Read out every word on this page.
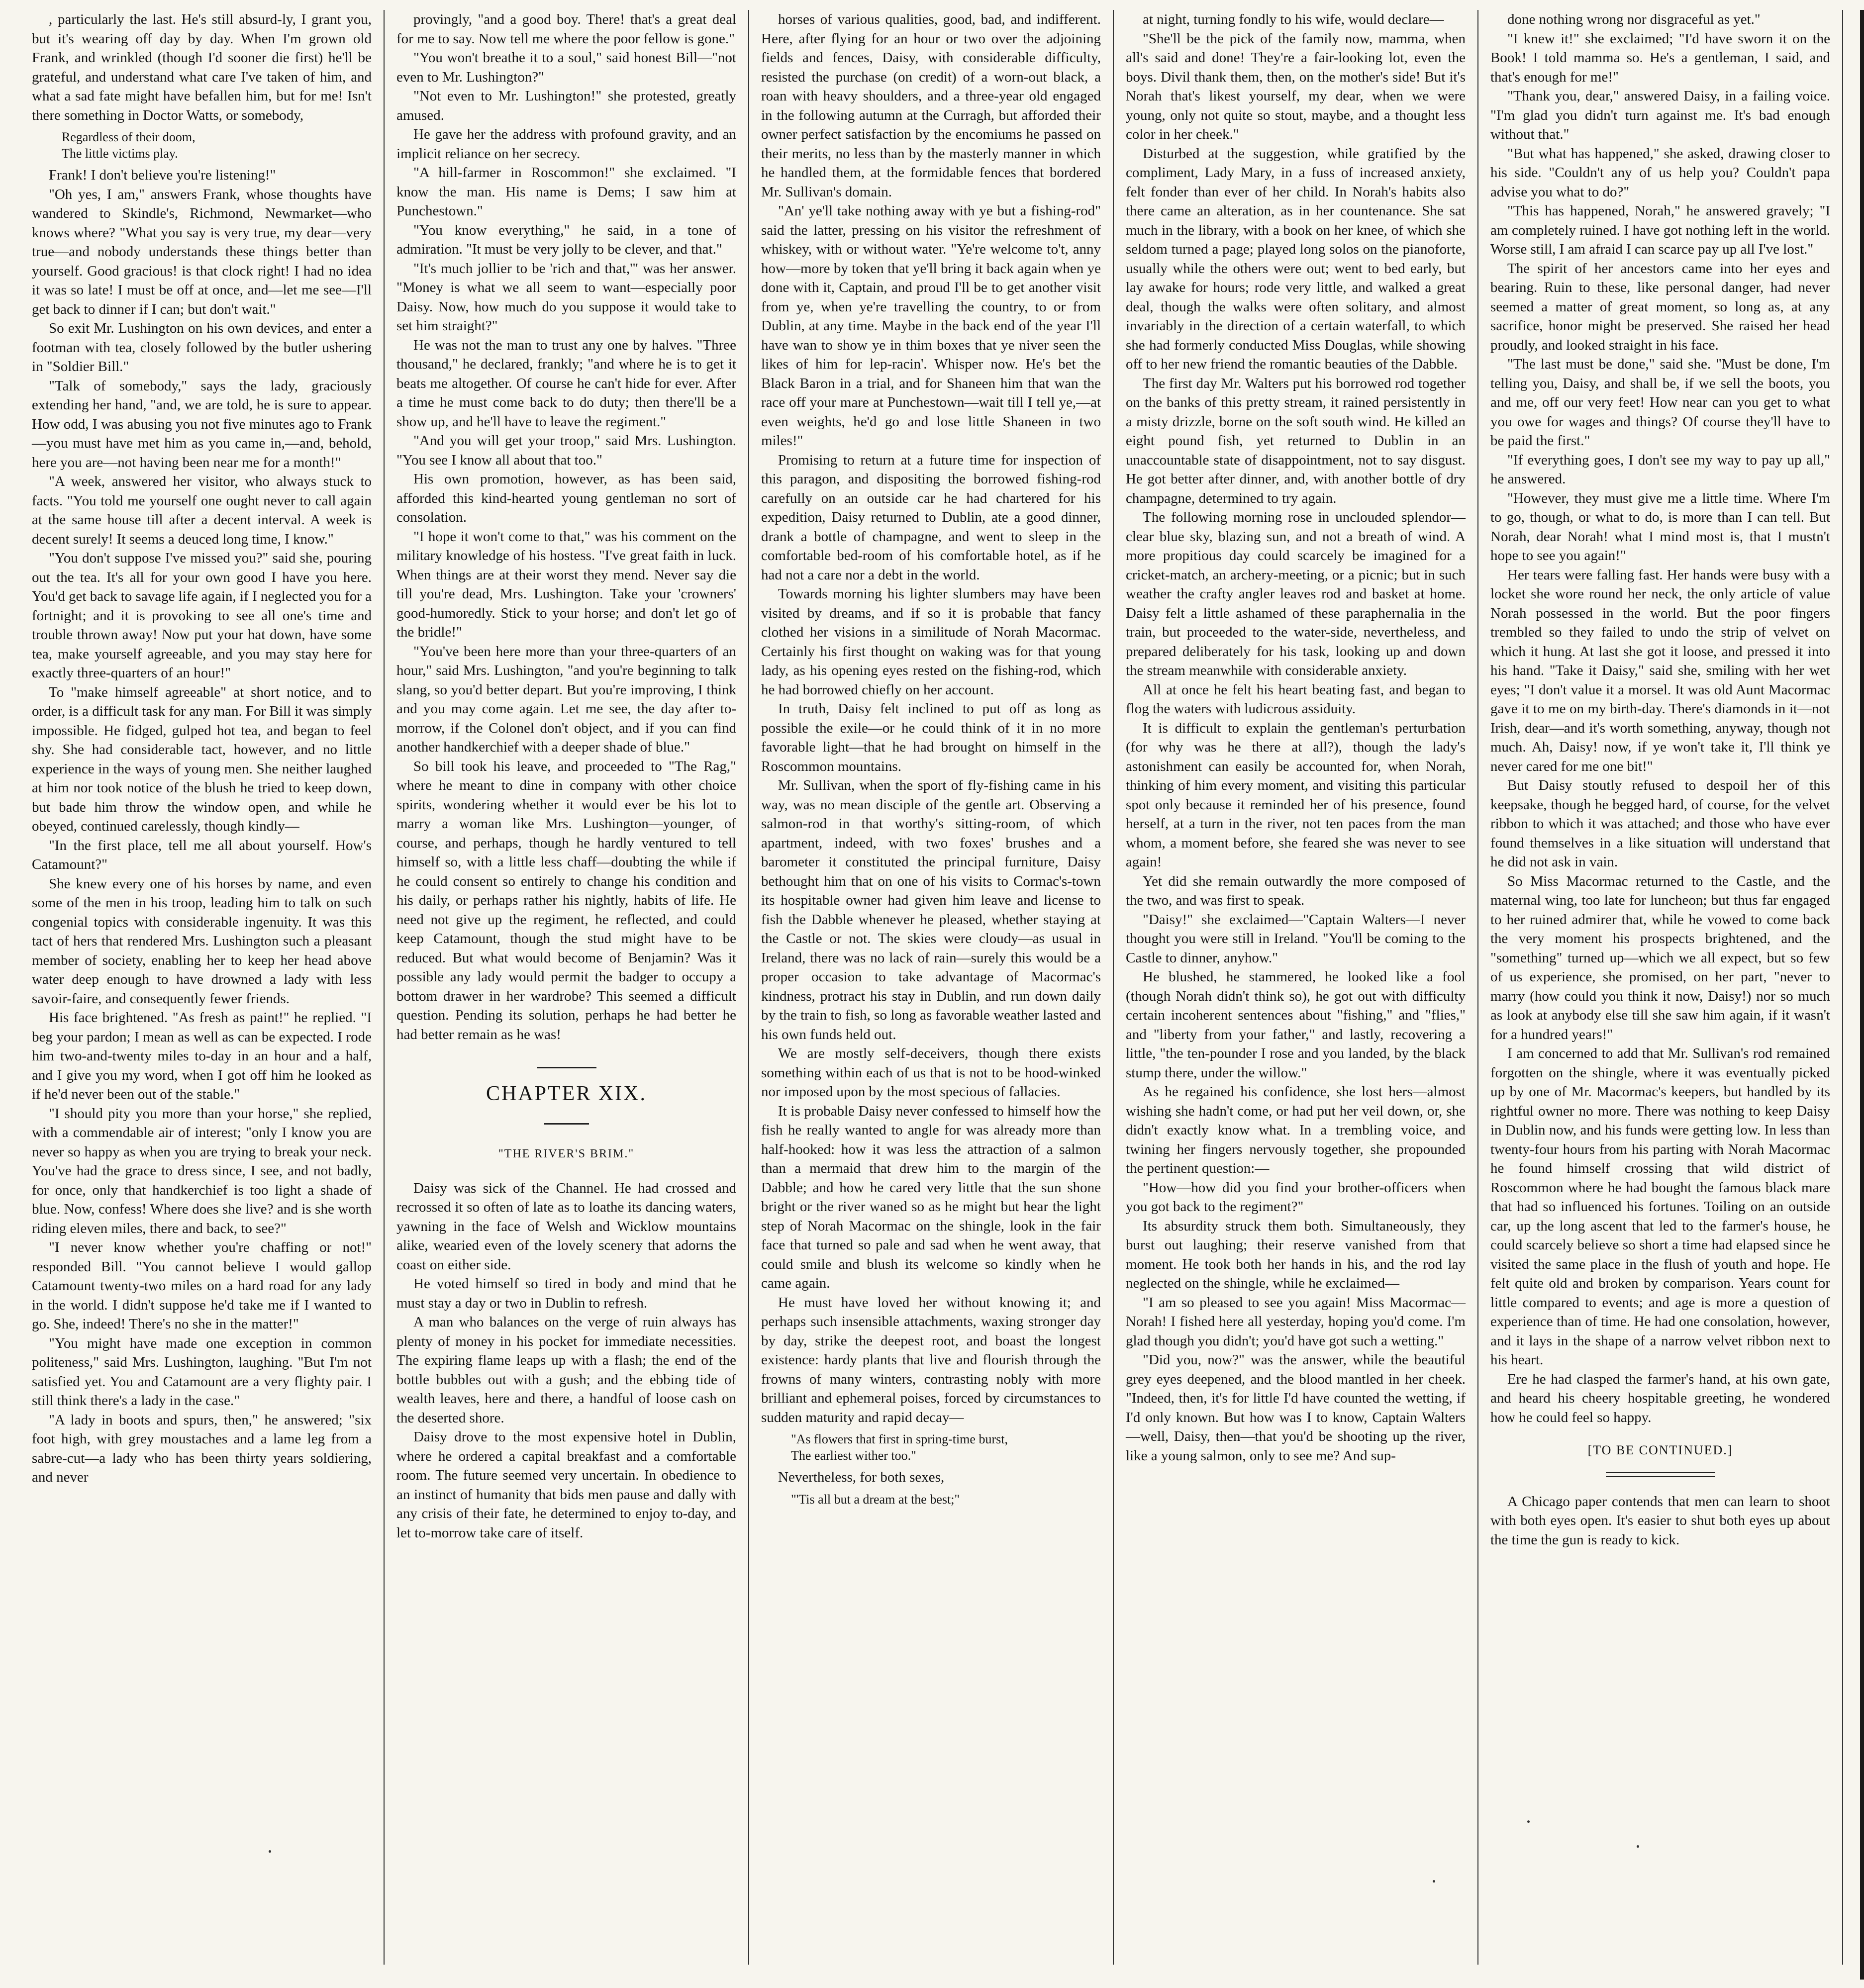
, particularly the last. He's still absurd-ly, I grant you, but it's wearing off day by day. When I'm grown old Frank, and wrinkled (though I'd sooner die first) he'll be grateful, and understand what care I've taken of him, and what a sad fate might have befallen him, but for me! Isn't there something in Doctor Watts, or somebody,

Regardless of their doom,
The little victims play.

Frank! I don't believe you're listening!"

"Oh yes, I am," answers Frank, whose thoughts have wandered to Skindle's, Richmond, Newmarket—who knows where? "What you say is very true, my dear—very true—and nobody understands these things better than yourself. Good gracious! is that clock right! I had no idea it was so late! I must be off at once, and—let me see—I'll get back to dinner if I can; but don't wait."

So exit Mr. Lushington on his own devices, and enter a footman with tea, closely followed by the butler ushering in "Soldier Bill."

"Talk of somebody," says the lady, graciously extending her hand, "and, we are told, he is sure to appear. How odd, I was abusing you not five minutes ago to Frank—you must have met him as you came in,—and, behold, here you are—not having been near me for a month!"

"A week, answered her visitor, who always stuck to facts. "You told me yourself one ought never to call again at the same house till after a decent interval. A week is decent surely! It seems a deuced long time, I know."

"You don't suppose I've missed you?" said she, pouring out the tea. It's all for your own good I have you here. You'd get back to savage life again, if I neglected you for a fortnight; and it is provoking to see all one's time and trouble thrown away! Now put your hat down, have some tea, make yourself agreeable, and you may stay here for exactly three-quarters of an hour!"

To "make himself agreeable" at short notice, and to order, is a difficult task for any man. For Bill it was simply impossible. He fidged, gulped hot tea, and began to feel shy. She had considerable tact, however, and no little experience in the ways of young men. She neither laughed at him nor took notice of the blush he tried to keep down, but bade him throw the window open, and while he obeyed, continued carelessly, though kindly—

"In the first place, tell me all about yourself. How's Catamount?"

She knew every one of his horses by name, and even some of the men in his troop, leading him to talk on such congenial topics with considerable ingenuity. It was this tact of hers that rendered Mrs. Lushington such a pleasant member of society, enabling her to keep her head above water deep enough to have drowned a lady with less savoir-faire, and consequently fewer friends.

His face brightened. "As fresh as paint!" he replied. "I beg your pardon; I mean as well as can be expected. I rode him two-and-twenty miles to-day in an hour and a half, and I give you my word, when I got off him he looked as if he'd never been out of the stable."

"I should pity you more than your horse," she replied, with a commendable air of interest; "only I know you are never so happy as when you are trying to break your neck. You've had the grace to dress since, I see, and not badly, for once, only that handkerchief is too light a shade of blue. Now, confess! Where does she live? and is she worth riding eleven miles, there and back, to see?"

"I never know whether you're chaffing or not!" responded Bill. "You cannot believe I would gallop Catamount twenty-two miles on a hard road for any lady in the world. I didn't suppose he'd take me if I wanted to go. She, indeed! There's no she in the matter!"

"You might have made one exception in common politeness," said Mrs. Lushington, laughing. "But I'm not satisfied yet. You and Catamount are a very flighty pair. I still think there's a lady in the case."

"A lady in boots and spurs, then," he answered; "six foot high, with grey moustaches and a lame leg from a sabre-cut—a lady who has been thirty years soldiering, and never

provingly, "and a good boy. There! that's a great deal for me to say. Now tell me where the poor fellow is gone."

"You won't breathe it to a soul," said honest Bill—"not even to Mr. Lushington?"

"Not even to Mr. Lushington!" she protested, greatly amused.

He gave her the address with profound gravity, and an implicit reliance on her secrecy.

"A hill-farmer in Roscommon!" she exclaimed. "I know the man. His name is Dems; I saw him at Punchestown."

"You know everything," he said, in a tone of admiration. "It must be very jolly to be clever, and that."

"It's much jollier to be 'rich and that,'" was her answer. "Money is what we all seem to want—especially poor Daisy. Now, how much do you suppose it would take to set him straight?"

He was not the man to trust any one by halves. "Three thousand," he declared, frankly; "and where he is to get it beats me altogether. Of course he can't hide for ever. After a time he must come back to do duty; then there'll be a show up, and he'll have to leave the regiment."

"And you will get your troop," said Mrs. Lushington. "You see I know all about that too."

His own promotion, however, as has been said, afforded this kind-hearted young gentleman no sort of consolation.

"I hope it won't come to that," was his comment on the military knowledge of his hostess. "I've great faith in luck. When things are at their worst they mend. Never say die till you're dead, Mrs. Lushington. Take your 'crowners' good-humoredly. Stick to your horse; and don't let go of the bridle!"

"You've been here more than your three-quarters of an hour," said Mrs. Lushington, "and you're beginning to talk slang, so you'd better depart. But you're improving, I think and you may come again. Let me see, the day after to-morrow, if the Colonel don't object, and if you can find another handkerchief with a deeper shade of blue."

So bill took his leave, and proceeded to "The Rag," where he meant to dine in company with other choice spirits, wondering whether it would ever be his lot to marry a woman like Mrs. Lushington—younger, of course, and perhaps, though he hardly ventured to tell himself so, with a little less chaff—doubting the while if he could consent so entirely to change his condition and his daily, or perhaps rather his nightly, habits of life. He need not give up the regiment, he reflected, and could keep Catamount, though the stud might have to be reduced. But what would become of Benjamin? Was it possible any lady would permit the badger to occupy a bottom drawer in her wardrobe? This seemed a difficult question. Pending its solution, perhaps he had better he had better remain as he was!

CHAPTER XIX.
"THE RIVER'S BRIM."

Daisy was sick of the Channel. He had crossed and recrossed it so often of late as to loathe its dancing waters, yawning in the face of Welsh and Wicklow mountains alike, wearied even of the lovely scenery that adorns the coast on either side.

He voted himself so tired in body and mind that he must stay a day or two in Dublin to refresh.

A man who balances on the verge of ruin always has plenty of money in his pocket for immediate necessities. The expiring flame leaps up with a flash; the end of the bottle bubbles out with a gush; and the ebbing tide of wealth leaves, here and there, a handful of loose cash on the deserted shore.

Daisy drove to the most expensive hotel in Dublin, where he ordered a capital breakfast and a comfortable room. The future seemed very uncertain. In obedience to an instinct of humanity that bids men pause and dally with any crisis of their fate, he determined to enjoy to-day, and let to-morrow take care of itself.

horses of various qualities, good, bad, and indifferent. Here, after flying for an hour or two over the adjoining fields and fences, Daisy, with considerable difficulty, resisted the purchase (on credit) of a worn-out black, a roan with heavy shoulders, and a three-year old engaged in the following autumn at the Curragh, but afforded their owner perfect satisfaction by the encomiums he passed on their merits, no less than by the masterly manner in which he handled them, at the formidable fences that bordered Mr. Sullivan's domain.

"An' ye'll take nothing away with ye but a fishing-rod" said the latter, pressing on his visitor the refreshment of whiskey, with or without water. "Ye're welcome to't, anny how—more by token that ye'll bring it back again when ye done with it, Captain, and proud I'll be to get another visit from ye, when ye're travelling the country, to or from Dublin, at any time. Maybe in the back end of the year I'll have wan to show ye in thim boxes that ye niver seen the likes of him for lep-racin'. Whisper now. He's bet the Black Baron in a trial, and for Shaneen him that wan the race off your mare at Punchestown—wait till I tell ye,—at even weights, he'd go and lose little Shaneen in two miles!"

Promising to return at a future time for inspection of this paragon, and dispositing the borrowed fishing-rod carefully on an outside car he had chartered for his expedition, Daisy returned to Dublin, ate a good dinner, drank a bottle of champagne, and went to sleep in the comfortable bed-room of his comfortable hotel, as if he had not a care nor a debt in the world.

Towards morning his lighter slumbers may have been visited by dreams, and if so it is probable that fancy clothed her visions in a similitude of Norah Macormac. Certainly his first thought on waking was for that young lady, as his opening eyes rested on the fishing-rod, which he had borrowed chiefly on her account.

In truth, Daisy felt inclined to put off as long as possible the exile—or he could think of it in no more favorable light—that he had brought on himself in the Roscommon mountains.

Mr. Sullivan, when the sport of fly-fishing came in his way, was no mean disciple of the gentle art. Observing a salmon-rod in that worthy's sitting-room, of which apartment, indeed, with two foxes' brushes and a barometer it constituted the principal furniture, Daisy bethought him that on one of his visits to Cormac's-town its hospitable owner had given him leave and license to fish the Dabble whenever he pleased, whether staying at the Castle or not. The skies were cloudy—as usual in Ireland, there was no lack of rain—surely this would be a proper occasion to take advantage of Macormac's kindness, protract his stay in Dublin, and run down daily by the train to fish, so long as favorable weather lasted and his own funds held out.

We are mostly self-deceivers, though there exists something within each of us that is not to be hood-winked nor imposed upon by the most specious of fallacies.

It is probable Daisy never confessed to himself how the fish he really wanted to angle for was already more than half-hooked: how it was less the attraction of a salmon than a mermaid that drew him to the margin of the Dabble; and how he cared very little that the sun shone bright or the river waned so as he might but hear the light step of Norah Macormac on the shingle, look in the fair face that turned so pale and sad when he went away, that could smile and blush its welcome so kindly when he came again.

He must have loved her without knowing it; and perhaps such insensible attachments, waxing stronger day by day, strike the deepest root, and boast the longest existence: hardy plants that live and flourish through the frowns of many winters, contrasting nobly with more brilliant and ephemeral poises, forced by circumstances to sudden maturity and rapid decay—

"As flowers that first in spring-time burst,
The earliest wither too."

Nevertheless, for both sexes,

"'Tis all but a dream at the best;"

at night, turning fondly to his wife, would declare—

"She'll be the pick of the family now, mamma, when all's said and done! They're a fair-looking lot, even the boys. Divil thank them, then, on the mother's side! But it's Norah that's likest yourself, my dear, when we were young, only not quite so stout, maybe, and a thought less color in her cheek."

Disturbed at the suggestion, while gratified by the compliment, Lady Mary, in a fuss of increased anxiety, felt fonder than ever of her child. In Norah's habits also there came an alteration, as in her countenance. She sat much in the library, with a book on her knee, of which she seldom turned a page; played long solos on the pianoforte, usually while the others were out; went to bed early, but lay awake for hours; rode very little, and walked a great deal, though the walks were often solitary, and almost invariably in the direction of a certain waterfall, to which she had formerly conducted Miss Douglas, while showing off to her new friend the romantic beauties of the Dabble.

The first day Mr. Walters put his borrowed rod together on the banks of this pretty stream, it rained persistently in a misty drizzle, borne on the soft south wind. He killed an eight pound fish, yet returned to Dublin in an unaccountable state of disappointment, not to say disgust. He got better after dinner, and, with another bottle of dry champagne, determined to try again.

The following morning rose in unclouded splendor—clear blue sky, blazing sun, and not a breath of wind. A more propitious day could scarcely be imagined for a cricket-match, an archery-meeting, or a picnic; but in such weather the crafty angler leaves rod and basket at home. Daisy felt a little ashamed of these paraphernalia in the train, but proceeded to the water-side, nevertheless, and prepared deliberately for his task, looking up and down the stream meanwhile with considerable anxiety.

All at once he felt his heart beating fast, and began to flog the waters with ludicrous assiduity.

It is difficult to explain the gentleman's perturbation (for why was he there at all?), though the lady's astonishment can easily be accounted for, when Norah, thinking of him every moment, and visiting this particular spot only because it reminded her of his presence, found herself, at a turn in the river, not ten paces from the man whom, a moment before, she feared she was never to see again!

Yet did she remain outwardly the more composed of the two, and was first to speak.

"Daisy!" she exclaimed—"Captain Walters—I never thought you were still in Ireland. "You'll be coming to the Castle to dinner, anyhow."

He blushed, he stammered, he looked like a fool (though Norah didn't think so), he got out with difficulty certain incoherent sentences about "fishing," and "flies," and "liberty from your father," and lastly, recovering a little, "the ten-pounder I rose and you landed, by the black stump there, under the willow."

As he regained his confidence, she lost hers—almost wishing she hadn't come, or had put her veil down, or, she didn't exactly know what. In a trembling voice, and twining her fingers nervously together, she propounded the pertinent question:—

"How—how did you find your brother-officers when you got back to the regiment?"

Its absurdity struck them both. Simultaneously, they burst out laughing; their reserve vanished from that moment. He took both her hands in his, and the rod lay neglected on the shingle, while he exclaimed—

"I am so pleased to see you again! Miss Macormac—Norah! I fished here all yesterday, hoping you'd come. I'm glad though you didn't; you'd have got such a wetting."

"Did you, now?" was the answer, while the beautiful grey eyes deepened, and the blood mantled in her cheek. "Indeed, then, it's for little I'd have counted the wetting, if I'd only known. But how was I to know, Captain Walters—well, Daisy, then—that you'd be shooting up the river, like a young salmon, only to see me? And sup-

done nothing wrong nor disgraceful as yet."

"I knew it!" she exclaimed; "I'd have sworn it on the Book! I told mamma so. He's a gentleman, I said, and that's enough for me!"

"Thank you, dear," answered Daisy, in a failing voice. "I'm glad you didn't turn against me. It's bad enough without that."

"But what has happened," she asked, drawing closer to his side. "Couldn't any of us help you? Couldn't papa advise you what to do?"

"This has happened, Norah," he answered gravely; "I am completely ruined. I have got nothing left in the world. Worse still, I am afraid I can scarce pay up all I've lost."

The spirit of her ancestors came into her eyes and bearing. Ruin to these, like personal danger, had never seemed a matter of great moment, so long as, at any sacrifice, honor might be preserved. She raised her head proudly, and looked straight in his face.

"The last must be done," said she. "Must be done, I'm telling you, Daisy, and shall be, if we sell the boots, you and me, off our very feet! How near can you get to what you owe for wages and things? Of course they'll have to be paid the first."

"If everything goes, I don't see my way to pay up all," he answered.

"However, they must give me a little time. Where I'm to go, though, or what to do, is more than I can tell. But Norah, dear Norah! what I mind most is, that I mustn't hope to see you again!"

Her tears were falling fast. Her hands were busy with a locket she wore round her neck, the only article of value Norah possessed in the world. But the poor fingers trembled so they failed to undo the strip of velvet on which it hung. At last she got it loose, and pressed it into his hand. "Take it Daisy," said she, smiling with her wet eyes; "I don't value it a morsel. It was old Aunt Macormac gave it to me on my birth-day. There's diamonds in it—not Irish, dear—and it's worth something, anyway, though not much. Ah, Daisy! now, if ye won't take it, I'll think ye never cared for me one bit!"

But Daisy stoutly refused to despoil her of this keepsake, though he begged hard, of course, for the velvet ribbon to which it was attached; and those who have ever found themselves in a like situation will understand that he did not ask in vain.

So Miss Macormac returned to the Castle, and the maternal wing, too late for luncheon; but thus far engaged to her ruined admirer that, while he vowed to come back the very moment his prospects brightened, and the "something" turned up—which we all expect, but so few of us experience, she promised, on her part, "never to marry (how could you think it now, Daisy!) nor so much as look at anybody else till she saw him again, if it wasn't for a hundred years!"

I am concerned to add that Mr. Sullivan's rod remained forgotten on the shingle, where it was eventually picked up by one of Mr. Macormac's keepers, but handled by its rightful owner no more. There was nothing to keep Daisy in Dublin now, and his funds were getting low. In less than twenty-four hours from his parting with Norah Macormac he found himself crossing that wild district of Roscommon where he had bought the famous black mare that had so influenced his fortunes. Toiling on an outside car, up the long ascent that led to the farmer's house, he could scarcely believe so short a time had elapsed since he visited the same place in the flush of youth and hope. He felt quite old and broken by comparison. Years count for little compared to events; and age is more a question of experience than of time. He had one consolation, however, and it lays in the shape of a narrow velvet ribbon next to his heart.

Ere he had clasped the farmer's hand, at his own gate, and heard his cheery hospitable greeting, he wondered how he could feel so happy.

[TO BE CONTINUED.]

A Chicago paper contends that men can learn to shoot with both eyes open. It's easier to shut both eyes up about the time the gun is ready to kick.
